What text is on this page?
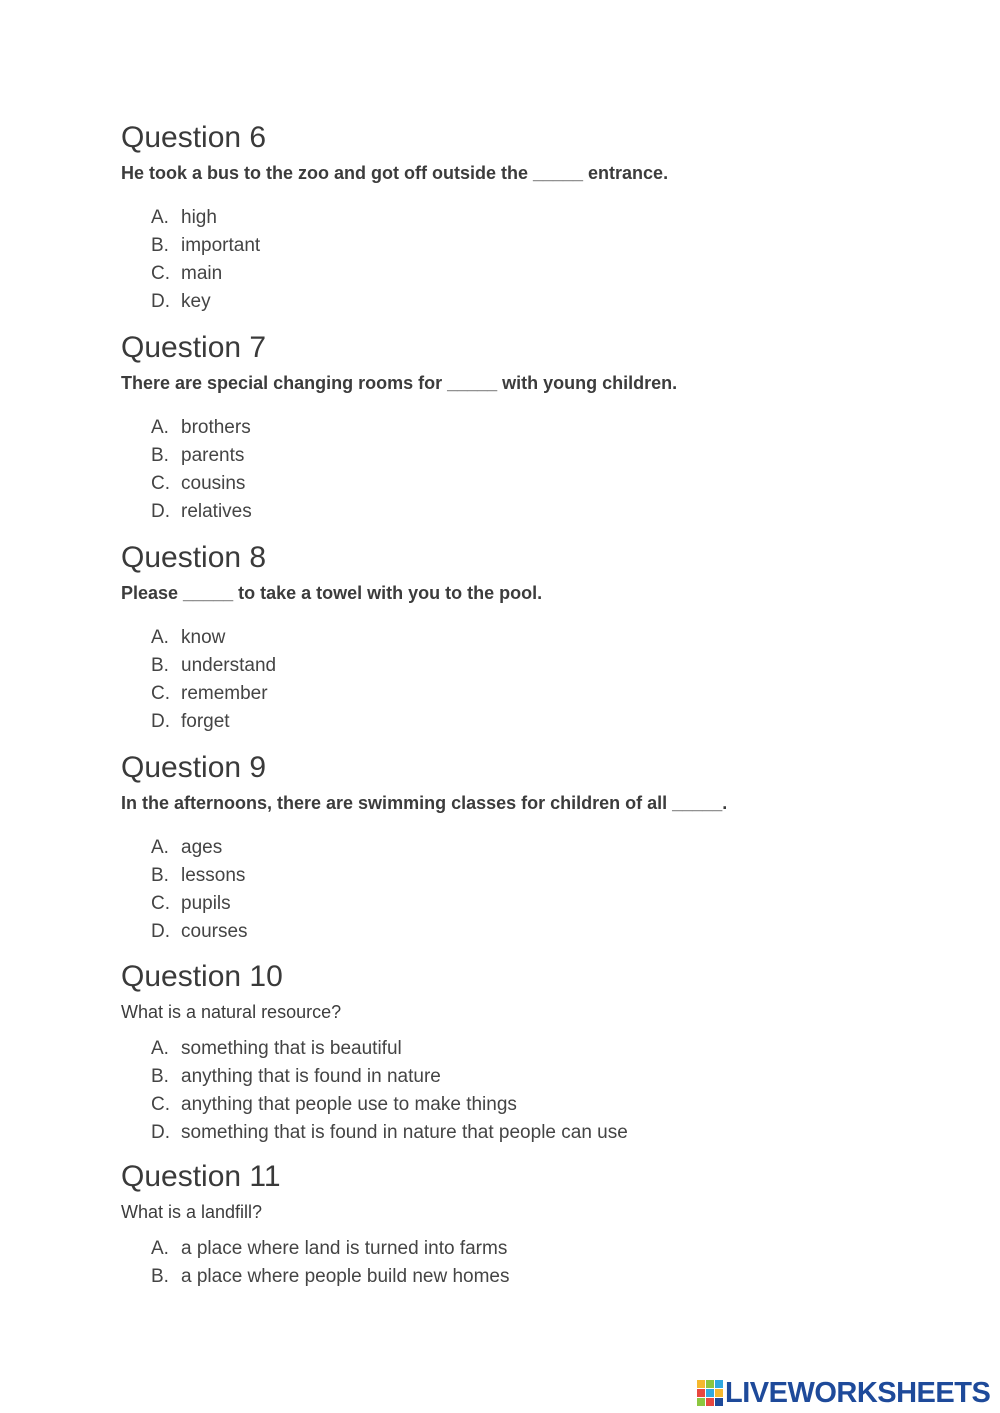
Question 6

He took a bus to the zoo and got off outside the _____ entrance.

A. high
B. important
C. main
D. key
Question 7

There are special changing rooms for _____ with young children.

A. brothers
B. parents
C. cousins
D. relatives
Question 8

Please _____ to take a towel with you to the pool.

A. know
B. understand
C. remember
D. forget
Question 9

In the afternoons, there are swimming classes for children of all _____.

A. ages
B. lessons
C. pupils
D. courses
Question 10

What is a natural resource?

A. something that is beautiful
B. anything that is found in nature
C. anything that people use to make things
D. something that is found in nature that people can use
Question 11

What is a landfill?

A. a place where land is turned into farms
B. a place where people build new homes
LIVEWORKSHEETS
